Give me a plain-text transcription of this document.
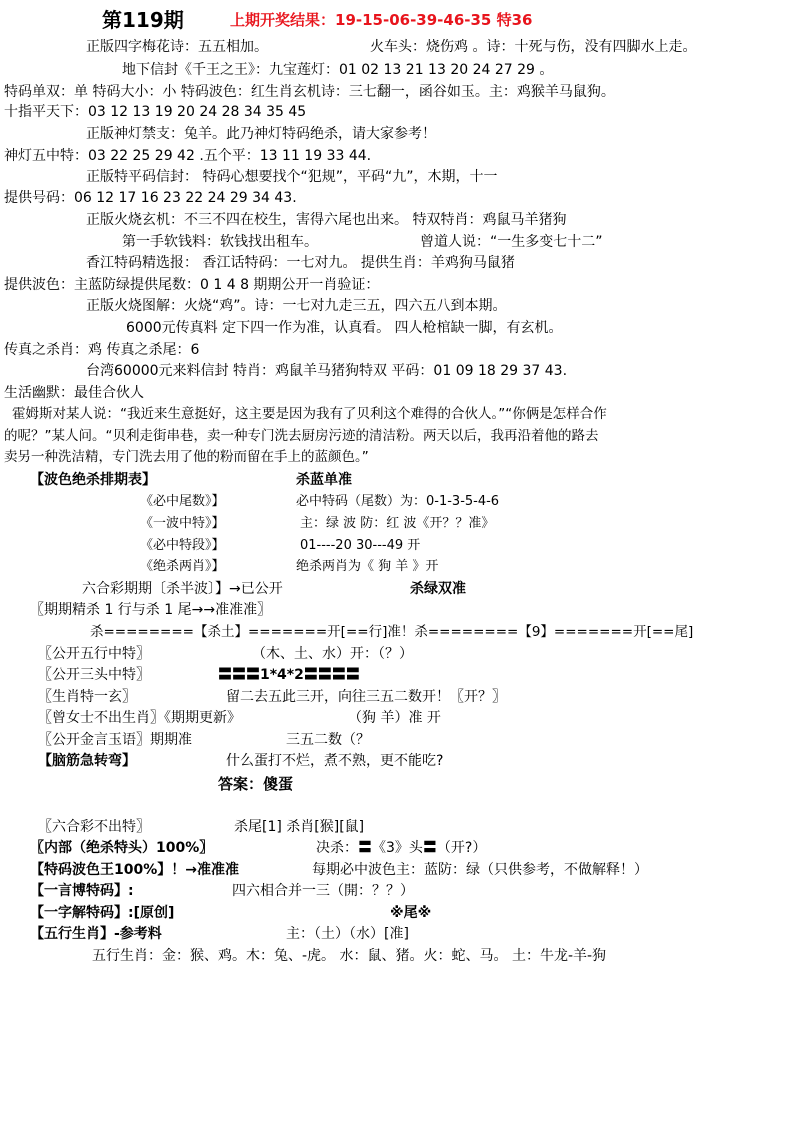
第119期	上期开奖结果：19-15-06-39-46-35 特36
正版四字梅花诗：五五相加。	火车头：烧伤鸡 。诗：十死与伤，没有四脚水上走。
地下信封《千王之王》：九宝莲灯：01 02 13 21 13 20 24 27 29 。
特码单双：单 特码大小：小 特码波色：红生肖玄机诗：三七翻一，函谷如玉。主：鸡猴羊马鼠狗。
十指平天下：03 12 13 19 20 24 28 34 35 45
正版神灯禁支：兔羊。此乃神灯特码绝杀，请大家参考！
神灯五中特：03 22 25 29 42 .五个平：13 11 19 33 44.
正版特平码信封： 特码心想要找个“犯规”，平码“九”，木期，十一
提供号码：06 12 17 16 23 22 24 29 34 43.
正版火烧玄机：不三不四在校生，害得六尾也出来。 特双特肖：鸡鼠马羊猪狗
第一手软钱料：软钱找出租车。	曾道人说：“一生多变七十二”
香江特码精选报： 香江话特码：一七对九。 提供生肖：羊鸡狗马鼠猪
提供波色：主蓝防绿提供尾数：0 1 4 8 期期公开一肖验证：
正版火烧图解：火烧“鸡”。诗：一七对九走三五，四六五八到本期。
6000元传真料 定下四一作为准，认真看。 四人枪棺缺一脚，有玄机。
传真之杀肖：鸡 传真之杀尾：6
台湾60000元来料信封 特肖：鸡鼠羊马猪狗特双 平码：01 09 18 29 37 43.
生活幽默：最佳合伙人
霍姆斯对某人说：“我近来生意挺好，这主要是因为我有了贝利这个难得的合伙人。”“你俩是怎样合作
的呢？”某人问。“贝利走街串巷，卖一种专门洗去厨房污迹的清洁粉。两天以后，我再沿着他的路去
卖另一种洗洁精，专门洗去用了他的粉而留在手上的蓝颜色。”
【波色绝杀排期表】	杀蓝单准
《必中尾数》】	必中特码（尾数）为：0-1-3-5-4-6
《一波中特》】	主：绿 波 防：红 波《开？？准》
《必中特段》】	01----20 30---49 开
《绝杀两肖》】	绝杀两肖为《 狗 羊 》开
六合彩期期〔杀半波〕】→已公开	杀绿双准
〖期期精杀 1 行与杀 1 尾→→准准准〗
杀========【杀土】=======开[==行]准！杀========【9】=======开[==尾]
〖公开五行中特〗	（木、土、水）开：（？）
〖公开三头中特〗	〓〓〓1*4*2〓〓〓〓
〖生肖特一玄〗	留二去五此三开，向往三五二数开！〖开？〗
〖曾女士不出生肖〗《期期更新》	（狗 羊）准 开
〖公开金言玉语〗期期准	三五二数（？
【脑筋急转弯】	什么蛋打不烂，煮不熟，更不能吃?
答案：傻蛋
〖六合彩不出特〗	杀尾[1] 杀肖[猴][鼠]
〖内部（绝杀特头）100%〗	决杀：〓《3》头〓（开?）
【特码波色王100%】！→准准准	每期必中波色主：蓝防：绿（只供参考，不做解释！）
【一言博特码】:	四六相合并一三（開：？？）
【一字解特码】:[原创]	※尾※
【五行生肖】-参考料	主：（土）（水）[准]
五行生肖：金：猴、鸡。木：兔、-虎。 水：鼠、猪。火：蛇、马。 土：牛龙-羊-狗
